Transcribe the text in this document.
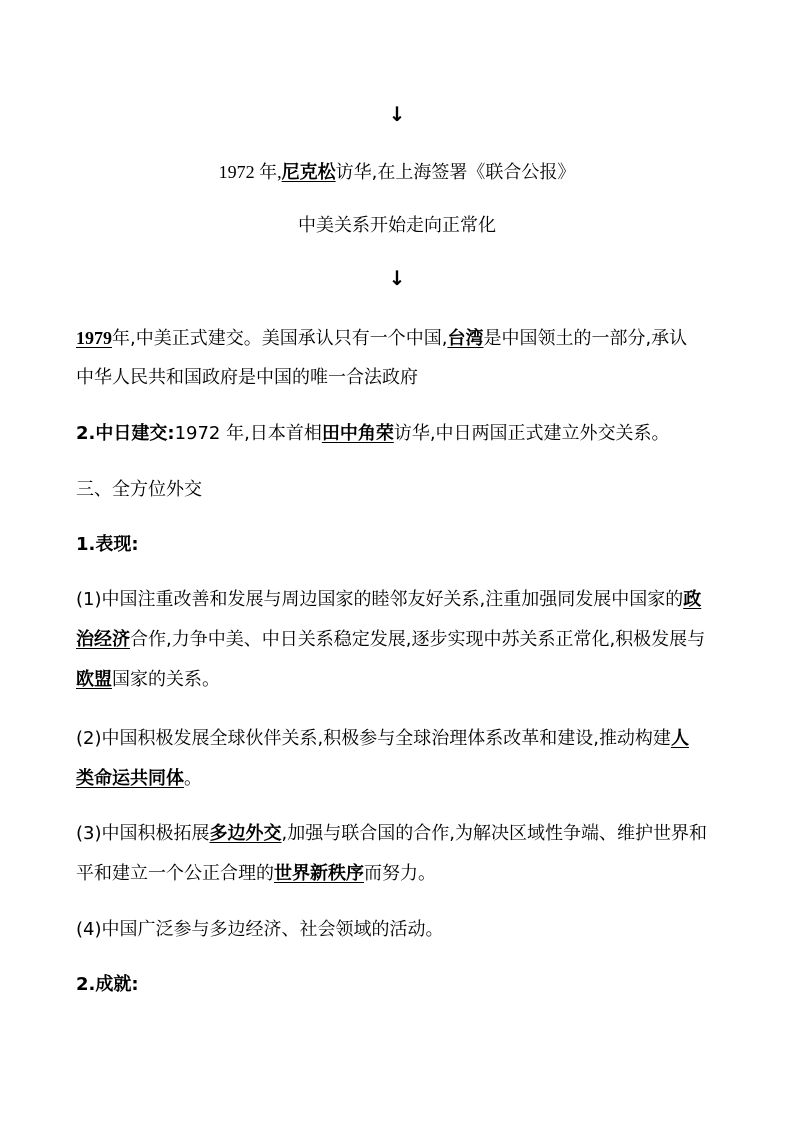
↓
1972 年,尼克松访华,在上海签署《联合公报》
中美关系开始走向正常化
↓
1979年,中美正式建交。美国承认只有一个中国,台湾是中国领土的一部分,承认
中华人民共和国政府是中国的唯一合法政府
2.中日建交:1972 年,日本首相田中角荣访华,中日两国正式建立外交关系。
三、全方位外交
1.表现:
(1)中国注重改善和发展与周边国家的睦邻友好关系,注重加强同发展中国家的政
治经济合作,力争中美、中日关系稳定发展,逐步实现中苏关系正常化,积极发展与
欧盟国家的关系。
(2)中国积极发展全球伙伴关系,积极参与全球治理体系改革和建设,推动构建人
类命运共同体。
(3)中国积极拓展多边外交,加强与联合国的合作,为解决区域性争端、维护世界和
平和建立一个公正合理的世界新秩序而努力。
(4)中国广泛参与多边经济、社会领域的活动。
2.成就:
